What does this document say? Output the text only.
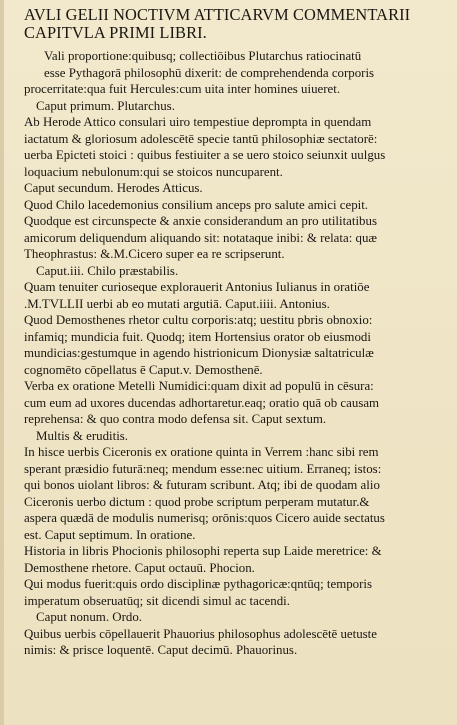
AVLI GELII NOCTIVM ATTICARVM COMMENTARII
CAPITVLA PRIMI LIBRI.
Vali proportione:quibusq; collectiōibus Plutarchus ratiocinatū
esse Pythagorā philosophū dixerit: de comprehendenda corporis
procerritate:qua fuit Hercules:cum uita inter homines uiueret.
Caput primum. Plutarchus.
Ab Herode Attico consulari uiro tempestiue deprompta in quendam
iactatum & gloriosum adolescētē specie tantū philosophiæ sectatorē:
uerba Epicteti stoici : quibus festiuiter a se uero stoico seiunxit uulgus
loquacium nebulonum:qui se stoicos nuncuparent.
Caput secundum. Herodes Atticus.
Quod Chilo lacedemonius consilium anceps pro salute amici cepit.
Quodque est circunspecte & anxie considerandum an pro utilitatibus
amicorum deliquendum aliquando sit: notataque inibi: & relata: quæ
Theophrastus: &.M.Cicero super ea re scripserunt.
Caput.iii. Chilo præstabilis.
Quam tenuiter curioseque explorauerit Antonius Iulianus in oratiōe
.M.TVLLII uerbi ab eo mutati argutiā. Caput.iiii. Antonius.
Quod Demosthenes rhetor cultu corporis:atq; uestitu pbris obnoxio:
infamiq; mundicia fuit. Quodq; item Hortensius orator ob eiusmodi
mundicias:gestumque in agendo histrionicum Dionysiæ saltatriculæ
cognomēto cōpellatus ē Caput.v. Demosthenē.
Verba ex oratione Metelli Numidici:quam dixit ad populū in cēsura:
cum eum ad uxores ducendas adhortaretur.eaq; oratio quā ob causam
reprehensa: & quo contra modo defensa sit. Caput sextum.
Multis & eruditis.
In hisce uerbis Ciceronis ex oratione quinta in Verrem :hanc sibi rem
sperant præsidio futurā:neq; mendum esse:nec uitium. Erraneq; istos:
qui bonos uiolant libros: & futuram scribunt. Atq; ibi de quodam alio
Ciceronis uerbo dictum : quod probe scriptum perperam mutatur.&
aspera quædā de modulis numerisq; orōnis:quos Cicero auide sectatus
est. Caput septimum. In oratione.
Historia in libris Phocionis philosophi reperta sup Laide meretrice: &
Demosthene rhetore. Caput octauū. Phocion.
Qui modus fuerit:quis ordo disciplinæ pythagoricæ:qntūq; temporis
imperatum obseruatūq; sit dicendi simul ac tacendi.
Caput nonum. Ordo.
Quibus uerbis cōpellauerit Phauorius philosophus adolescētē uetuste
nimis: & prisce loquentē. Caput decimū. Phauorinus.
